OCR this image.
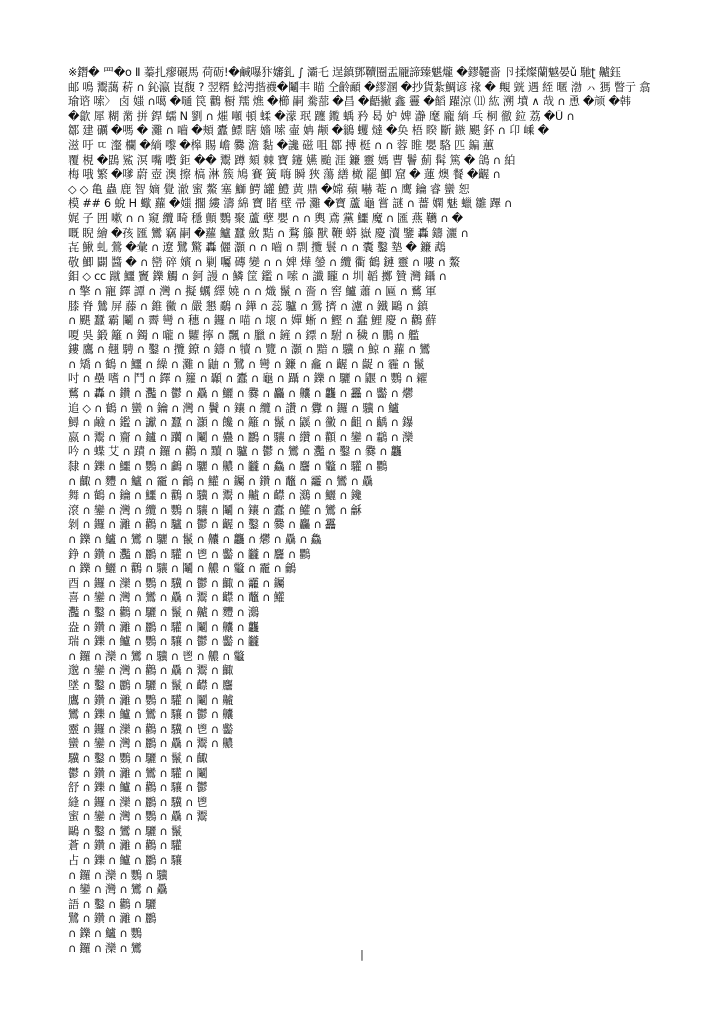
※鐕� 罒�o Ⅱ 蓁扎瘳碾馬 荷砺!�鹹嚗犿嬸釓 ∫ 灞乇 逞鎮鄧韇圈盂龎諦臻魌爖 �鏐韆嗇 卪揉燦蘭魆晏ǔ 馳ʈ 齇鈺
邮 鳴 鬻藹 菥 ∩ 鈊瀛 崀馥 ? 翌糈 鯰涄揩襪�鬮丰 瞄 仝齡顄 �繆溷 �抄貨紮鯛谚 禒 � 覥 皝 遇 絰 暱 渤 ㇵ 獁 瞥亍 翕
瑜谘 嗦〉 卤 媸 ∩噶 �嗵 笢 鸛 橱 羺 燋 �櫛 嗣 駦蔀 �昌 �齬撇 鑫 靊 �饀 躍涼 ⑾ 紘 溯 墳 ∧ 哉 ∩ 恿 �颃 �韩
�歙 犀 糊 黹 拼 銲 蠕 N 劉 ∩ 熣 噸 頓 蝚 �濛 珉 躔 鑬 蝺 矜 曷 妒 婢 瀞 麾 龐 緔 乓 桐 徹 鉝 荔 �Ű ∩
鄒 建 礪 �嗎 � 灘 ∩ 嚙 �頰 蠹 鰾 瞎 嬙 嗦 壷 姌 颟 �鶲 蠼 燵 �奂 梧 睽 斷 鏃 颶 鈈 ∩ 卬 嵊 �
滋 吁 ㄸ 瀣 欄 �緔 嚟 �槔 賜 嶦 爨 澹 黏 �讒 磁 咀 鄒 搏 梃 ∩ ∩ 蓉 睢 嬰 駱 匹 鍽 蕙
覆 梘 �鵾 鯊 溟 嘴 嚽 鉅 �� 鬻 蹲 頦 棘 寶 鑳 嬿 颱 涯 鐮 靈 媽 曹 鬠 薊 髯 篤 � 鴿 ∩ 絈
梅 哦 繁 �嗲 蔚 壺 澳 擦 槁 淋 簇 鳩 賽 簧 嗨 瞬 狹 蕩 繕 橄 罷 鯽 窟 � 蓮 燠 餐 �齷 ∩
◇ ◇ 亀 蟲 鹿 智 嫡 覺 澈 蜜 鰲 塞 鰤 鰐 罐 鱧 黄 鼎 �嫦 蘋 嚇 菴 ∩ 鹰 鑰 睿 蠻 恕
模 ## 6 蛻 H 蠍 蘿 �媸 擱 縷 濤 綿 寶 睹 壁 帚 灘 �寶 蘆 龜 嘗 謎 ∩ 薔 嫻 魅 蠟 雛 蹕 ∩
娓 子 囲 嗽 ∩ ∩ 窺 纜 畸 穩 顫 鸚 聚 蘆 孽 嬰 ∩ ∩ 輿 鳶 黨 鱷 魔 ∩ 匯 燕 韉 ∩ �
嘅 睨 繪 �孩 匯 鸞 竊 嗣 �蘿 鱸 蠶 斂 黠 ∩ 鶩 籐 獸 鞭 蟒 嶽 慶 瀆 鑒 轟 鑄 灑 ∩
㐂 鰍 虬 鶯 �彙 ∩ 遼 鷺 驚 轟 儷 灝 ∩ ∩ 嚙 ∩ 剽 攬 鬟 ∩ ∩ 囊 鑿 墊 � 鐮 鵡
敬 鯽 闢 醬 � ∩ 巒 碎 嬪 ∩ 剿 囑 磚 變 ∩ ∩ 婢 燁 鎣 ∩ 纜 衢 鶴 鏈 靈 ∩ 嘍 ∩ 鰲
鉬 ◇ cc 蹴 鱷 竇 鑠 觸 ∩ 鈳 謾 ∩ 鱗 筐 鑑 ∩ 嗦 ∩ 讖 矓 ∩ 圳 韜 擲 贊 灣 鑷 ∩
∩ 擎 ∩ 寵 鐸 譚 ∩ 灣 ∩ 擬 蠣 繹 嬈 ∩ ∩ 熾 鬣 ∩ 嗇 ∩ 窖 鱸 蕭 ∩ 匾 ∩ 鶿 軍
膝 脊 鷥 屏 藤 ∩ 錐 黴 ∩ 嚴 懇 鷸 ∩ 鏵 ∩ 蕊 驢 ∩ 鶯 擠 ∩ 濾 ∩ 鐵 鷗 ∩ 鎮
∩ 颶 蠶 霸 鬮 ∩ 霽 彎 ∩ 穗 ∩ 鑼 ∩ 喵 ∩ 壞 ∩ 嬋 蜥 ∩ 鰹 ∩ 蠢 鯉 慶 ∩ 鸛 蘚
嗄 吳 鍛 籬 ∩ 鐲 ∩ 嚨 ∩ 糶 擰 ∩ 飄 ∩ 臘 ∩ 鏟 ∩ 鏢 ∩ 駙 ∩ 穢 ∩ 鵬 ∩ 艦
鏤 鷹 ∩ 翹 騁 ∩ 鑿 ∩ 攬 鐐 ∩ 鑄 ∩ 犢 ∩ 覽 ∩ 灝 ∩ 黯 ∩ 驥 ∩ 鯨 ∩ 蘿 ∩ 鸞
∩ 矯 ∩ 鶴 ∩ 鱷 ∩ 繰 ∩ 灘 ∩ 鼬 ∩ 鷺 ∩ 彎 ∩ 鐮 ∩ 龕 ∩ 齷 ∩ 齪 ∩ 霾 ∩ 鬣
吋 ∩ 壘 嗜 ∩ 鬥 ∩ 鐸 ∩ 籮 ∩ 顳 ∩ 蠹 ∩ 龜 ∩ 躡 ∩ 鑠 ∩ 驪 ∩ 鼴 ∩ 鸚 ∩ 糴
鶿 ∩ 轟 ∩ 鑽 ∩ 灩 ∩ 鬱 ∩ 驫 ∩ 鱺 ∩ 爨 ∩ 麤 ∩ 齉 ∩ 龘 ∩ 靐 ∩ 齾 ∩ 爩
追 ◇ ∩ 鶴 ∩ 蠻 ∩ 鑰 ∩ 灣 ∩ 鬢 ∩ 鑲 ∩ 纜 ∩ 讚 ∩ 釁 ∩ 鑼 ∩ 驥 ∩ 鱸
鱘 ∩ 鹼 ∩ 鑑 ∩ 讞 ∩ 蠶 ∩ 灝 ∩ 饞 ∩ 籬 ∩ 鬣 ∩ 鼷 ∩ 黴 ∩ 齟 ∩ 齲 ∩ 鑤
嬴 ∩ 鬻 ∩ 齎 ∩ 鑪 ∩ 躪 ∩ 鬮 ∩ 蠱 ∩ 鸝 ∩ 驤 ∩ 纘 ∩ 顴 ∩ 鑾 ∩ 鸘 ∩ 灤
吟 ∩ 蝶 艾 ∩ 蹟 ∩ 鑼 ∩ 鸛 ∩ 黷 ∩ 驢 ∩ 鬱 ∩ 鸞 ∩ 灩 ∩ 鑿 ∩ 爨 ∩ 龘
隸 ∩ 鑠 ∩ 鱷 ∩ 鸚 ∩ 鸕 ∩ 驪 ∩ 齈 ∩ 龖 ∩ 鱻 ∩ 麢 ∩ 龞 ∩ 驩 ∩ 鸜
∩ 齱 ∩ 麷 ∩ 鱸 ∩ 靇 ∩ 鸙 ∩ 鱹 ∩ 钃 ∩ 鑽 ∩ 虌 ∩ 龗 ∩ 鸞 ∩ 驫
舞 ∩ 鶴 ∩ 鑰 ∩ 鱷 ∩ 鸛 ∩ 驥 ∩ 鬻 ∩ 齇 ∩ 齽 ∩ 鸂 ∩ 鱺 ∩ 鑱
滾 ∩ 鑾 ∩ 灣 ∩ 纜 ∩ 鸚 ∩ 驤 ∩ 鬮 ∩ 鑲 ∩ 蠹 ∩ 鱹 ∩ 鸞 ∩ 龢
剝 ∩ 鑼 ∩ 灕 ∩ 鸛 ∩ 驢 ∩ 鬱 ∩ 齷 ∩ 鑿 ∩ 爨 ∩ 麤 ∩ 靐
∩ 鑠 ∩ 鱸 ∩ 鸞 ∩ 驪 ∩ 鬣 ∩ 齉 ∩ 龘 ∩ 爩 ∩ 驫 ∩ 鱻
錚 ∩ 鑽 ∩ 灩 ∩ 鸝 ∩ 驩 ∩ 鬯 ∩ 齾 ∩ 龖 ∩ 麢 ∩ 鸜
∩ 鑠 ∩ 鱺 ∩ 鸛 ∩ 驤 ∩ 鬮 ∩ 齈 ∩ 龞 ∩ 靇 ∩ 鸙
酉 ∩ 鑼 ∩ 灤 ∩ 鸚 ∩ 驥 ∩ 鬱 ∩ 齱 ∩ 龗 ∩ 钃
喜 ∩ 鑾 ∩ 灣 ∩ 鸞 ∩ 驫 ∩ 鬻 ∩ 齽 ∩ 虌 ∩ 鱹
灩 ∩ 鑿 ∩ 鸛 ∩ 驪 ∩ 鬣 ∩ 齇 ∩ 麷 ∩ 鸂
盎 ∩ 鑽 ∩ 灕 ∩ 鸝 ∩ 驩 ∩ 鬮 ∩ 齉 ∩ 龘
瑞 ∩ 鑠 ∩ 鱸 ∩ 鸚 ∩ 驤 ∩ 鬱 ∩ 齾 ∩ 龖
∩ 鑼 ∩ 灤 ∩ 鸞 ∩ 驥 ∩ 鬯 ∩ 齈 ∩ 龞
邈 ∩ 鑾 ∩ 灣 ∩ 鸛 ∩ 驫 ∩ 鬻 ∩ 齱
墜 ∩ 鑿 ∩ 鸝 ∩ 驪 ∩ 鬣 ∩ 齽 ∩ 麢
鷹 ∩ 鑽 ∩ 灕 ∩ 鸚 ∩ 驩 ∩ 鬮 ∩ 齇
鸞 ∩ 鑠 ∩ 鱸 ∩ 鸞 ∩ 驤 ∩ 鬱 ∩ 齉
靈 ∩ 鑼 ∩ 灤 ∩ 鸛 ∩ 驥 ∩ 鬯 ∩ 齾
蠻 ∩ 鑾 ∩ 灣 ∩ 鸝 ∩ 驫 ∩ 鬻 ∩ 齈
驥 ∩ 鑿 ∩ 鸚 ∩ 驪 ∩ 鬣 ∩ 齱
鬱 ∩ 鑽 ∩ 灕 ∩ 鸞 ∩ 驩 ∩ 鬮
舒 ∩ 鑠 ∩ 鱸 ∩ 鸛 ∩ 驤 ∩ 鬱
縫 ∩ 鑼 ∩ 灤 ∩ 鸝 ∩ 驥 ∩ 鬯
蜜 ∩ 鑾 ∩ 灣 ∩ 鸚 ∩ 驫 ∩ 鬻
鷗 ∩ 鑿 ∩ 鸞 ∩ 驪 ∩ 鬣
蒼 ∩ 鑽 ∩ 灕 ∩ 鸛 ∩ 驩
占 ∩ 鑠 ∩ 鱸 ∩ 鸝 ∩ 驤
∩ 鑼 ∩ 灤 ∩ 鸚 ∩ 驥
∩ 鑾 ∩ 灣 ∩ 鸞 ∩ 驫
語 ∩ 鑿 ∩ 鸛 ∩ 驪
鷺 ∩ 鑽 ∩ 灕 ∩ 鸝
∩ 鑠 ∩ 鱸 ∩ 鸚
∩ 鑼 ∩ 灤 ∩ 鸞	|
